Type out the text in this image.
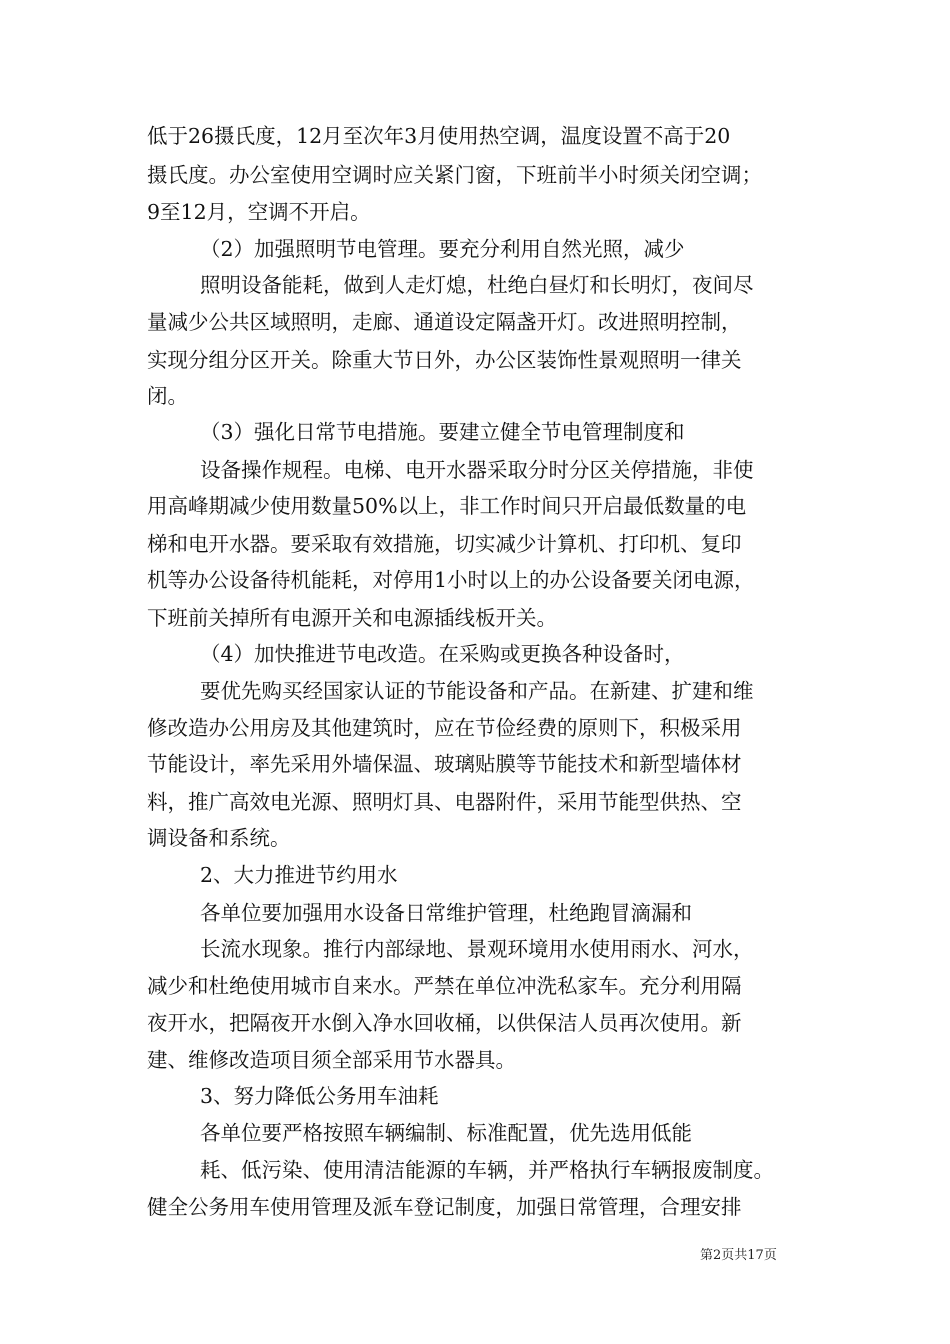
低于26摄氏度，12月至次年3月使用热空调，温度设置不高于20

摄氏度。办公室使用空调时应关紧门窗，下班前半小时须关闭空调；

9至12月，空调不开启。

（2）加强照明节电管理。要充分利用自然光照，减少

照明设备能耗，做到人走灯熄，杜绝白昼灯和长明灯，夜间尽

量减少公共区域照明，走廊、通道设定隔盏开灯。改进照明控制，

实现分组分区开关。除重大节日外，办公区装饰性景观照明一律关

闭。

（3）强化日常节电措施。要建立健全节电管理制度和

设备操作规程。电梯、电开水器采取分时分区关停措施，非使

用高峰期减少使用数量50%以上，非工作时间只开启最低数量的电

梯和电开水器。要采取有效措施，切实减少计算机、打印机、复印

机等办公设备待机能耗，对停用1小时以上的办公设备要关闭电源，

下班前关掉所有电源开关和电源插线板开关。

（4）加快推进节电改造。在采购或更换各种设备时，

要优先购买经国家认证的节能设备和产品。在新建、扩建和维

修改造办公用房及其他建筑时，应在节俭经费的原则下，积极采用

节能设计，率先采用外墙保温、玻璃贴膜等节能技术和新型墙体材

料，推广高效电光源、照明灯具、电器附件，采用节能型供热、空

调设备和系统。

2、大力推进节约用水

各单位要加强用水设备日常维护管理，杜绝跑冒滴漏和

长流水现象。推行内部绿地、景观环境用水使用雨水、河水，

减少和杜绝使用城市自来水。严禁在单位冲洗私家车。充分利用隔

夜开水，把隔夜开水倒入净水回收桶，以供保洁人员再次使用。新

建、维修改造项目须全部采用节水器具。

3、努力降低公务用车油耗

各单位要严格按照车辆编制、标准配置，优先选用低能

耗、低污染、使用清洁能源的车辆，并严格执行车辆报废制度。

健全公务用车使用管理及派车登记制度，加强日常管理，合理安排

第2页共17页
